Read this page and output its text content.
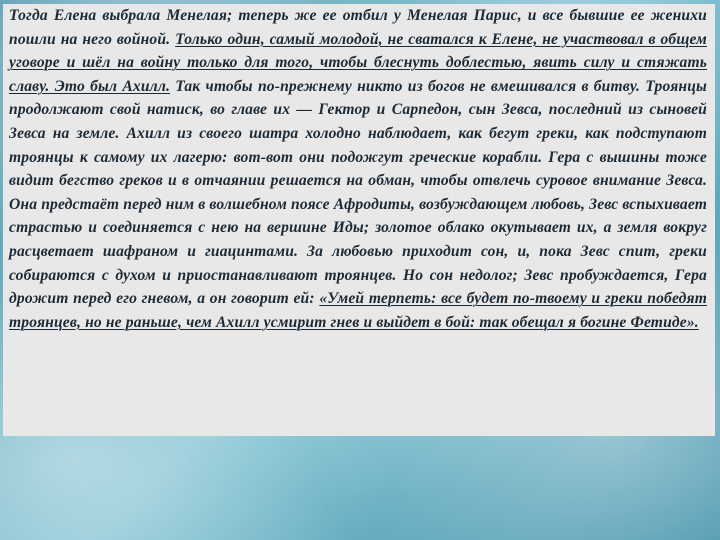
Тогда Елена выбрала Менелая; теперь же ее отбил у Менелая Парис, и все бывшие ее женихи пошли на него войной. Только один, самый молодой, не сватался к Елене, не участвовал в общем уговоре и шёл на войну только для того, чтобы блеснуть доблестью, явить силу и стяжать славу. Это был Ахилл. Так чтобы по-прежнему никто из богов не вмешивался в битву. Троянцы продолжают свой натиск, во главе их — Гектор и Сарпедон, сын Зевса, последний из сыновей Зевса на земле. Ахилл из своего шатра холодно наблюдает, как бегут греки, как подступают троянцы к самому их лагерю: вот-вот они подожгут греческие корабли. Гера с вышины тоже видит бегство греков и в отчаянии решается на обман, чтобы отвлечь суровое внимание Зевса. Она предстаёт перед ним в волшебном поясе Афродиты, возбуждающем любовь, Зевс вспыхивает страстью и соединяется с нею на вершине Иды; золотое облако окутывает их, а земля вокруг расцветает шафраном и гиацинтами. За любовью приходит сон, и, пока Зевс спит, греки собираются с духом и приостанавливают троянцев. Но сон недолог; Зевс пробуждается, Гера дрожит перед его гневом, а он говорит ей: «Умей терпеть: все будет по-твоему и греки победят троянцев, но не раньше, чем Ахилл усмирит гнев и выйдет в бой: так обещал я богине Фетиде».
